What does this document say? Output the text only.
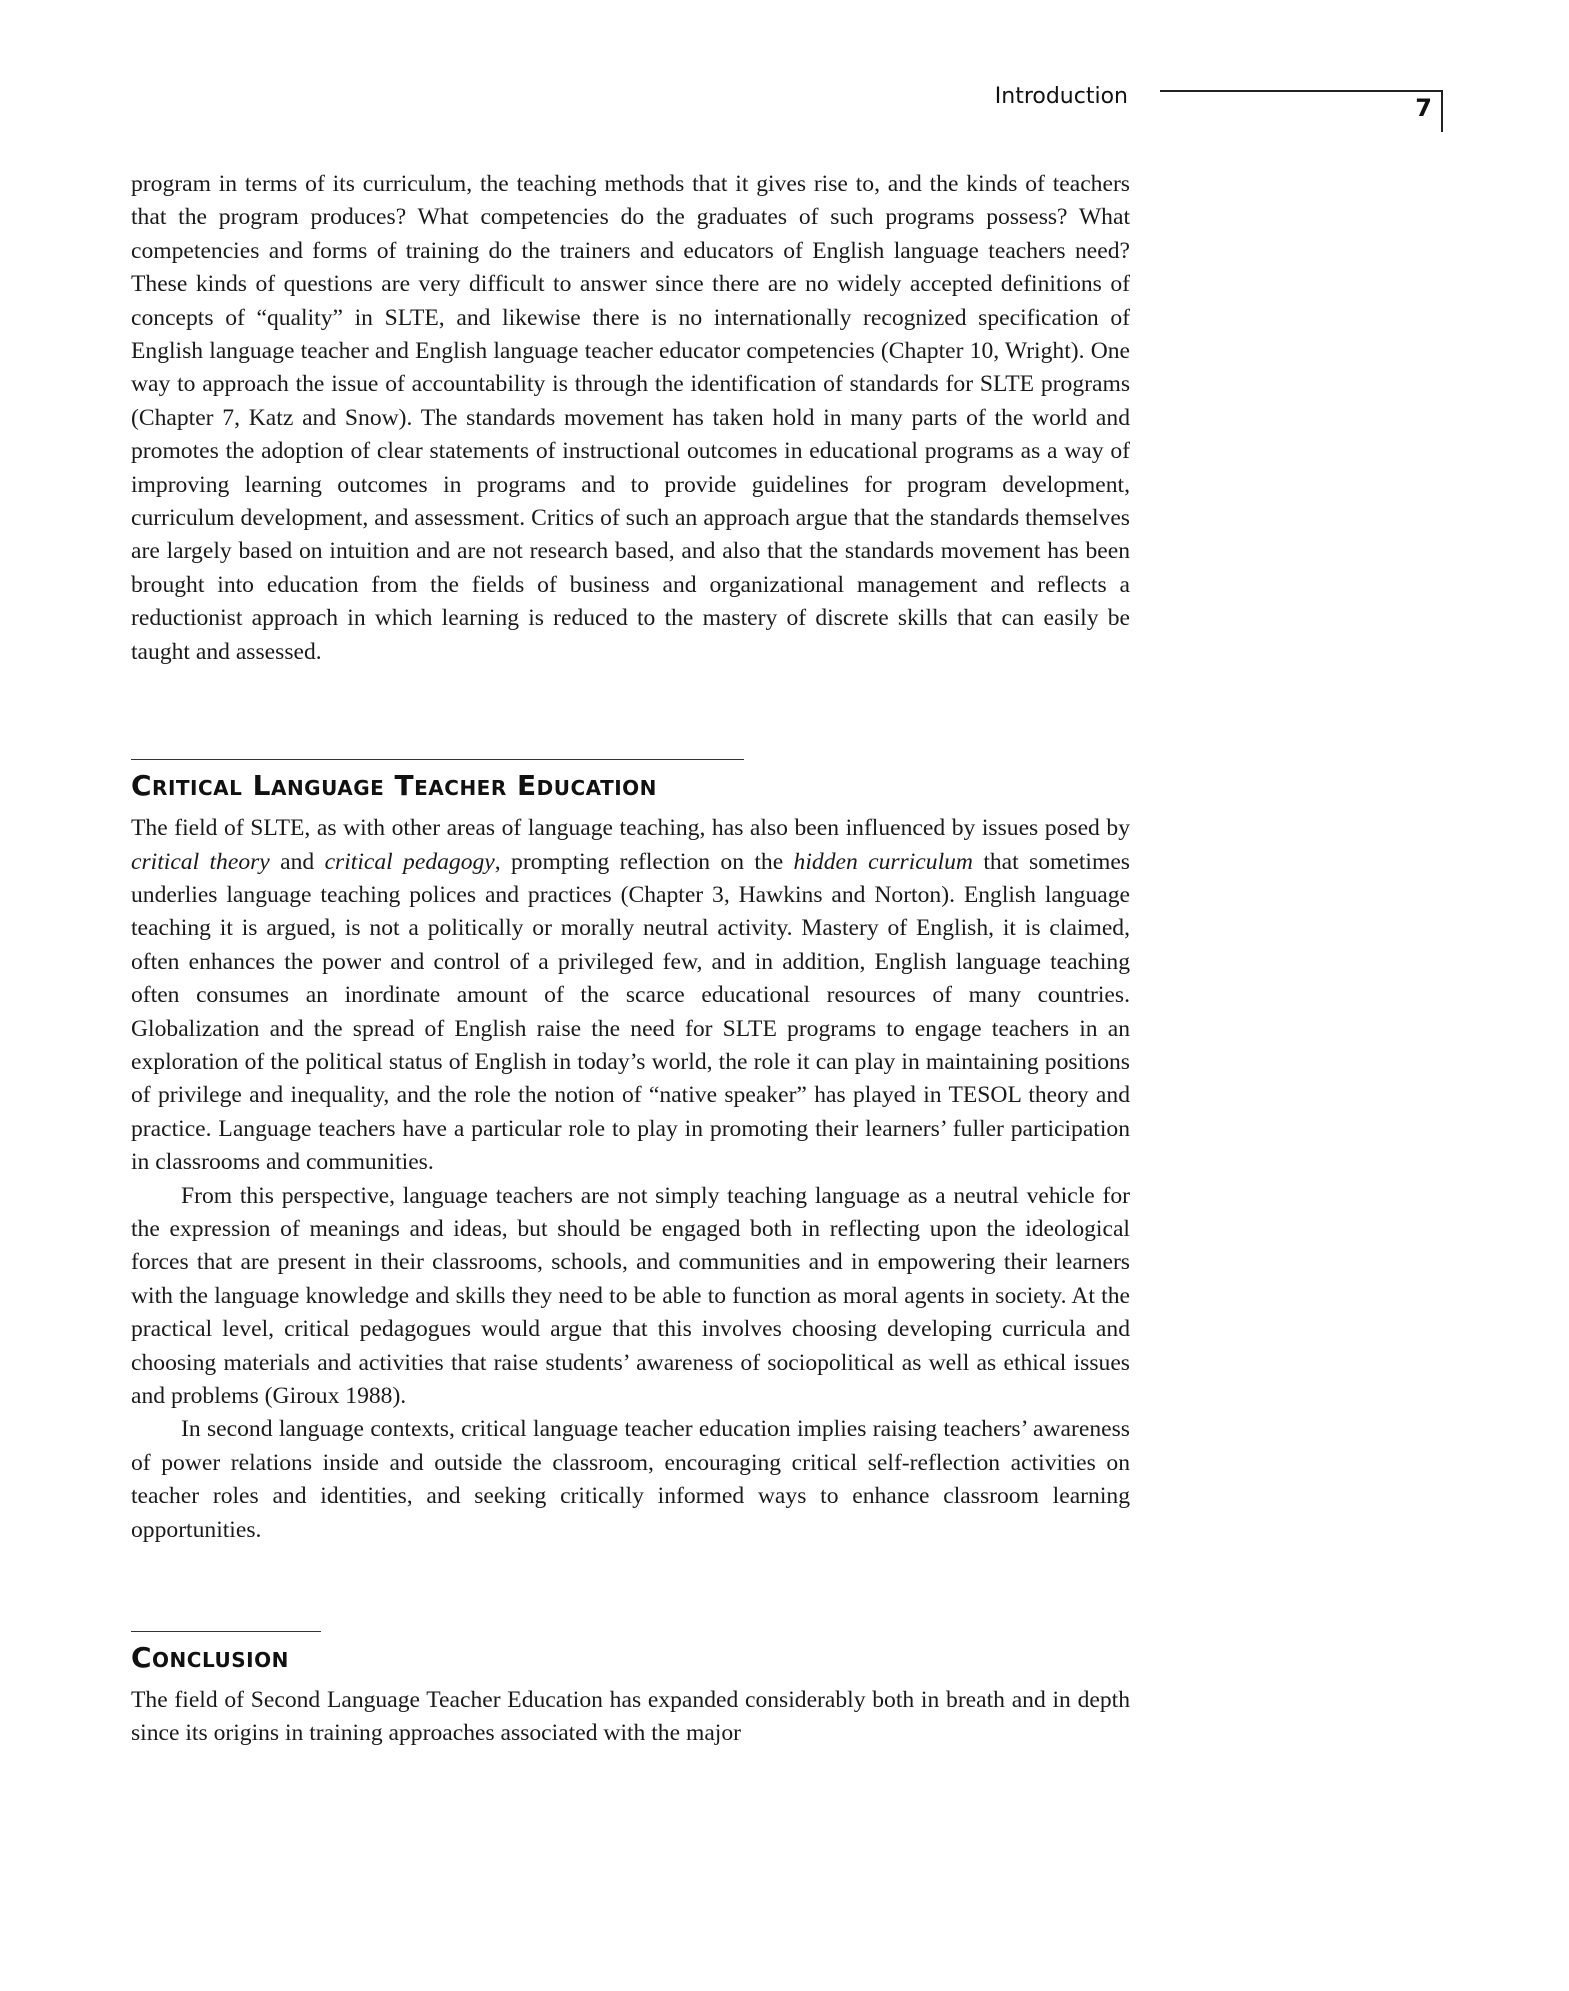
Introduction	7

program in terms of its curriculum, the teaching methods that it gives rise to, and the kinds of teachers that the program produces? What competencies do the graduates of such programs possess? What competencies and forms of training do the trainers and educators of English language teachers need? These kinds of questions are very difficult to answer since there are no widely accepted definitions of concepts of “quality” in SLTE, and likewise there is no internationally recognized specification of English language teacher and English language teacher educator competencies (Chapter 10, Wright). One way to approach the issue of accountability is through the identification of standards for SLTE programs (Chapter 7, Katz and Snow). The standards movement has taken hold in many parts of the world and promotes the adoption of clear statements of instructional outcomes in educational programs as a way of improving learning outcomes in programs and to provide guidelines for program development, curriculum development, and assessment. Critics of such an approach argue that the standards themselves are largely based on intuition and are not research based, and also that the standards movement has been brought into education from the fields of business and organizational management and reflects a reductionist approach in which learning is reduced to the mastery of discrete skills that can easily be taught and assessed.

Critical Language Teacher Education

The field of SLTE, as with other areas of language teaching, has also been influenced by issues posed by critical theory and critical pedagogy, prompting reflection on the hidden curriculum that sometimes underlies language teaching polices and practices (Chapter 3, Hawkins and Norton). English language teaching it is argued, is not a politically or morally neutral activity. Mastery of English, it is claimed, often enhances the power and control of a privileged few, and in addition, English language teaching often consumes an inordinate amount of the scarce educational resources of many countries. Globalization and the spread of English raise the need for SLTE programs to engage teachers in an exploration of the political status of English in today’s world, the role it can play in maintaining positions of privilege and inequality, and the role the notion of “native speaker” has played in TESOL theory and practice. Language teachers have a particular role to play in promoting their learners’ fuller participation in classrooms and communities.

From this perspective, language teachers are not simply teaching language as a neutral vehicle for the expression of meanings and ideas, but should be engaged both in reflecting upon the ideological forces that are present in their classrooms, schools, and communities and in empowering their learners with the language knowledge and skills they need to be able to function as moral agents in society. At the practical level, critical pedagogues would argue that this involves choosing developing curricula and choosing materials and activities that raise students’ awareness of sociopolitical as well as ethical issues and problems (Giroux 1988).

In second language contexts, critical language teacher education implies raising teachers’ awareness of power relations inside and outside the classroom, encouraging critical self-reflection activities on teacher roles and identities, and seeking critically informed ways to enhance classroom learning opportunities.

Conclusion

The field of Second Language Teacher Education has expanded considerably both in breath and in depth since its origins in training approaches associated with the major
